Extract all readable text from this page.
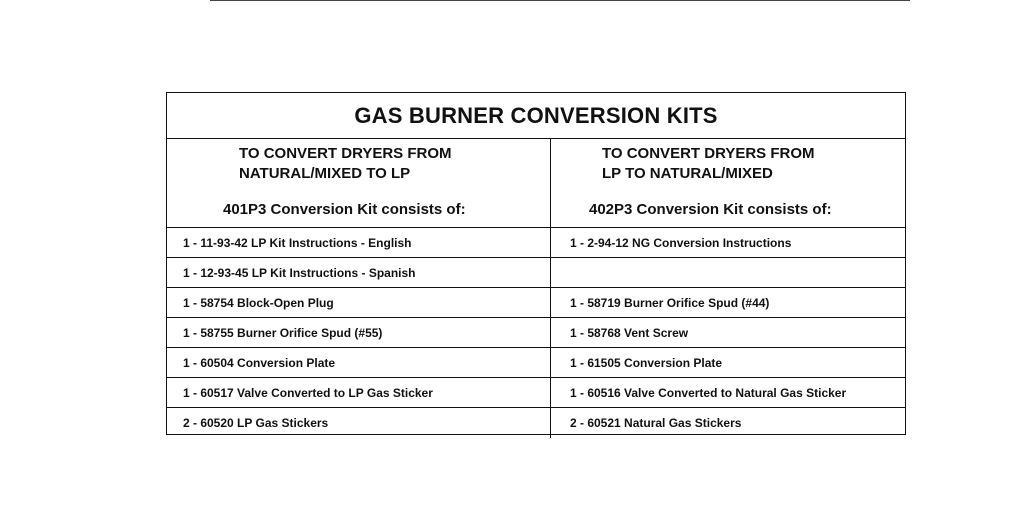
GAS BURNER CONVERSION KITS
TO CONVERT DRYERS FROM
NATURAL/MIXED TO LP
401P3 Conversion Kit consists of:
TO CONVERT DRYERS FROM
LP TO NATURAL/MIXED
402P3 Conversion Kit consists of:
1 - 11-93-42 LP Kit Instructions - English	1 - 2-94-12 NG Conversion Instructions
1 - 12-93-45 LP Kit Instructions - Spanish
1 - 58754 Block-Open Plug	1 - 58719 Burner Orifice Spud (#44)
1 - 58755 Burner Orifice Spud (#55)	1 - 58768 Vent Screw
1 - 60504 Conversion Plate	1 - 61505 Conversion Plate
1 - 60517 Valve Converted to LP Gas Sticker	1 - 60516 Valve Converted to Natural Gas Sticker
2 - 60520 LP Gas Stickers	2 - 60521 Natural Gas Stickers
